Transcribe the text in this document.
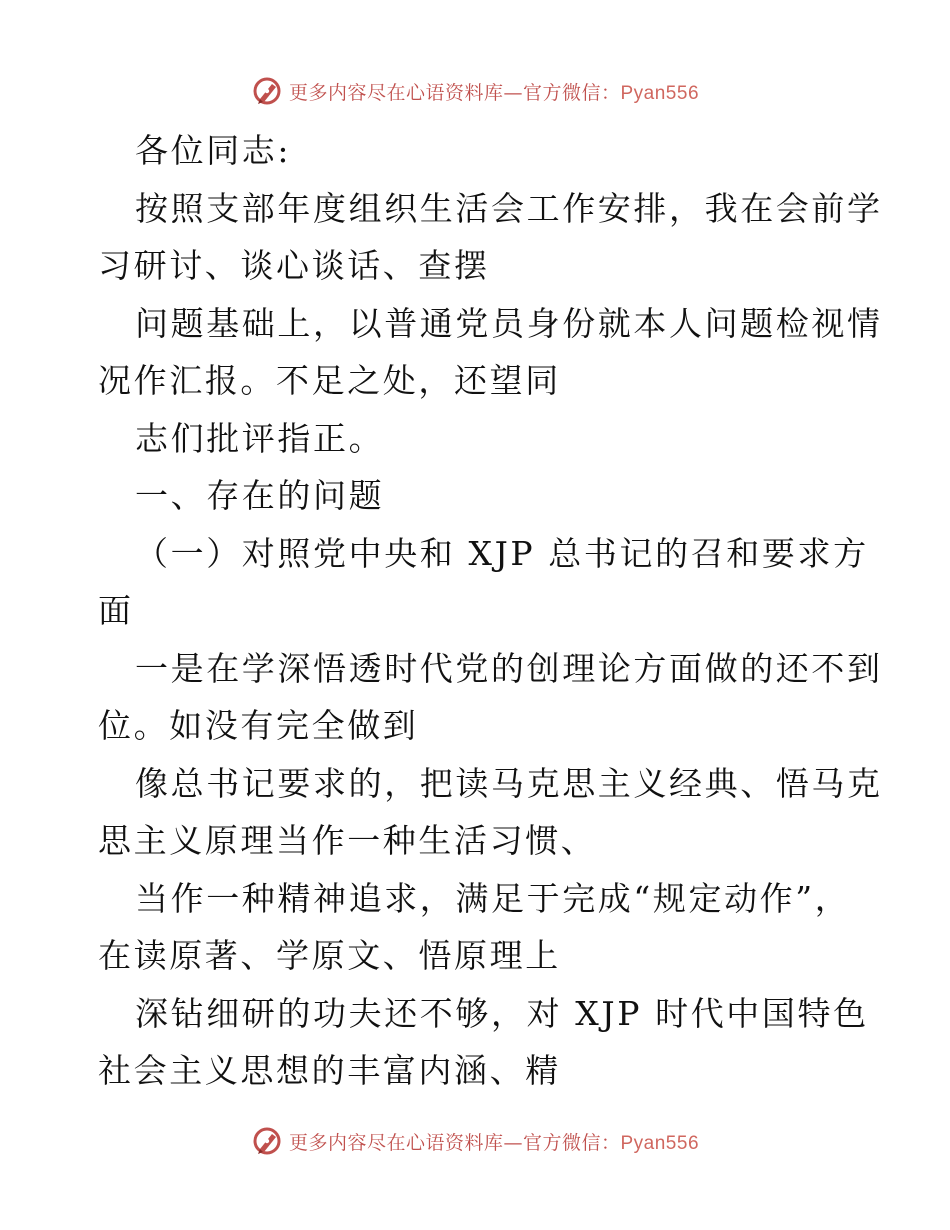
更多内容尽在心语资料库—官方微信：Pyan556
各位同志:
按照支部年度组织生活会工作安排，我在会前学
习研讨、谈心谈话、查摆
问题基础上，以普通党员身份就本人问题检视情
况作汇报。不足之处，还望同
志们批评指正。
一、存在的问题
（一）对照党中央和 XJP 总书记的召和要求方
面
一是在学深悟透时代党的创理论方面做的还不到
位。如没有完全做到
像总书记要求的，把读马克思主义经典、悟马克
思主义原理当作一种生活习惯、
当作一种精神追求，满足于完成“规定动作”，
在读原著、学原文、悟原理上
深钻细研的功夫还不够，对 XJP 时代中国特色
社会主义思想的丰富内涵、精
更多内容尽在心语资料库—官方微信：Pyan556
